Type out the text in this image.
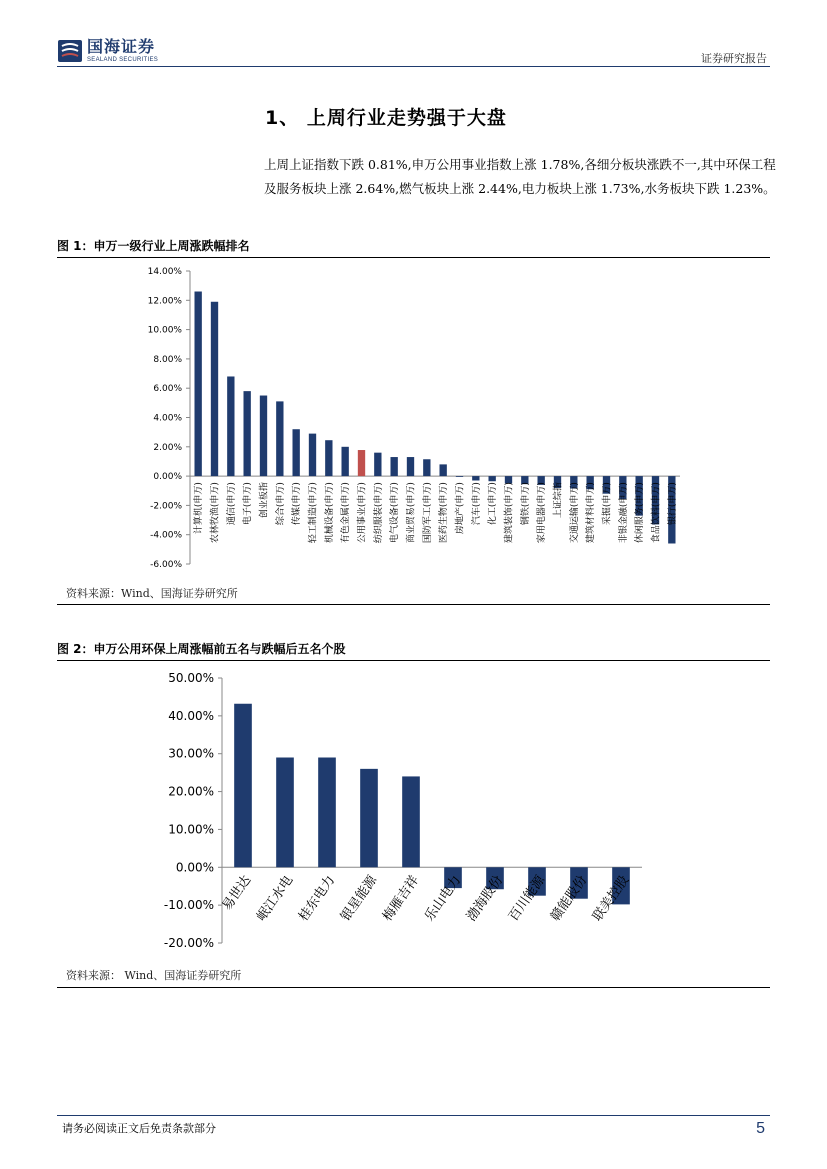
国海证券
SEALAND SECURITIES	证券研究报告
1、 上周行业走势强于大盘
上周上证指数下跌 0.81%,申万公用事业指数上涨 1.78%,各细分板块涨跌不一,其中环保工程及服务板块上涨 2.64%,燃气板块上涨 2.44%,电力板块上涨 1.73%,水务板块下跌 1.23%。
图 1：申万一级行业上周涨跌幅排名
14.00%
12.00%
10.00%
8.00%
6.00%
4.00%
2.00%
0.00%
-2.00%
-4.00%
-6.00%
计算机(申万) 农林牧渔(申万) 通信(申万) 电子(申万) 创业板指 综合(申万) 传媒(申万) 轻工制造(申万) 机械设备(申万) 有色金属(申万) 公用事业(申万) 纺织服装(申万) 电气设备(申万) 商业贸易(申万) 国防军工(申万) 医药生物(申万) 房地产(申万) 汽车(申万) 化工(申万) 建筑装饰(申万) 钢铁(申万) 家用电器(申万) 上证综指 交通运输(申万) 建筑材料(申万) 采掘(申万) 非银金融(申万) 休闲服务(申万) 食品饮料(申万) 银行(申万)
资料来源：Wind、国海证券研究所
图 2：申万公用环保上周涨幅前五名与跌幅后五名个股
50.00%
40.00%
30.00%
20.00%
10.00%
0.00%
-10.00%
-20.00%
易世达 岷江水电 桂东电力 银星能源 梅雁吉祥 乐山电力 渤海股份 百川能源 赣能股份 联美控股
资料来源： Wind、国海证券研究所
请务必阅读正文后免责条款部分	5
